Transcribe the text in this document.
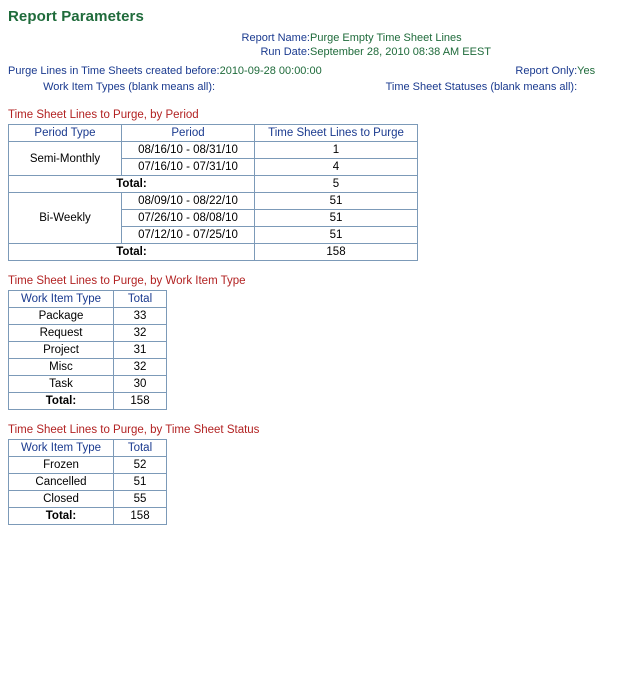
Report Parameters
Report Name:	Purge Empty Time Sheet Lines
Run Date:	September 28, 2010 08:38 AM EEST
Purge Lines in Time Sheets created before:	2010-09-28 00:00:00
		Report Only:	Yes

Work Item Types (blank means all):	
		Time Sheet Statuses (blank means all):	
Time Sheet Lines to Purge, by Period
Period Type	Period	Time Sheet Lines to Purge
Semi-Monthly	08/16/10 - 08/31/10	1
	07/16/10 - 07/31/10	4
Total:		5
Bi-Weekly	08/09/10 - 08/22/10	51
	07/26/10 - 08/08/10	51
	07/12/10 - 07/25/10	51
Total:		158
Time Sheet Lines to Purge, by Work Item Type
Work Item Type	Total
Package	33
Request	32
Project	31
Misc	32
Task	30
Total:	158
Time Sheet Lines to Purge, by Time Sheet Status
Work Item Type	Total
Frozen	52
Cancelled	51
Closed	55
Total:	158
